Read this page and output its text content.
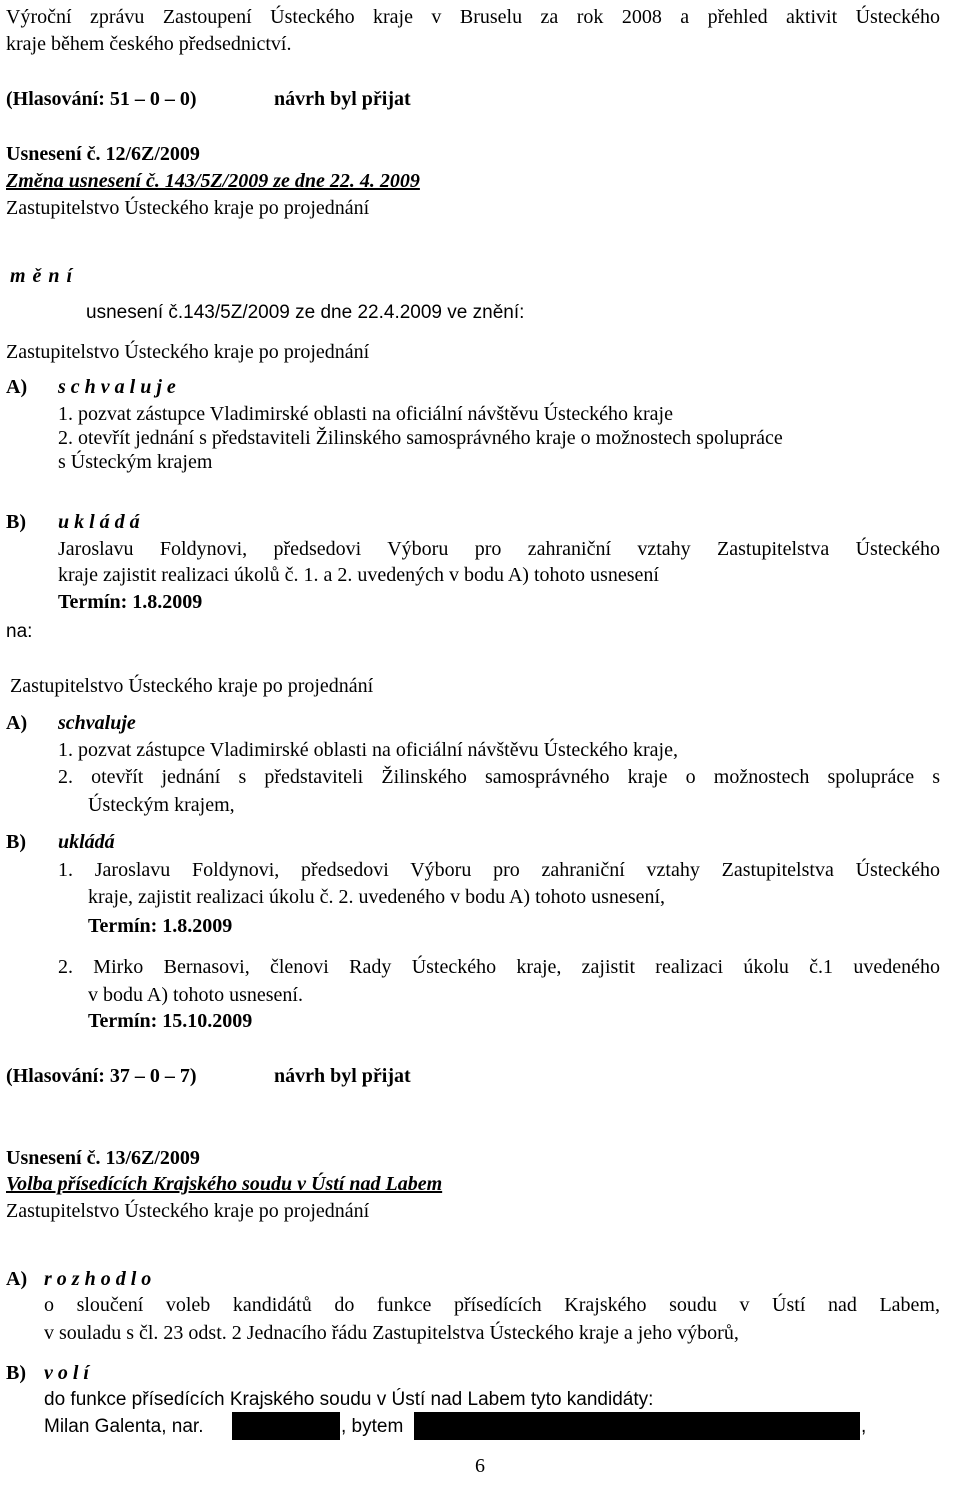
Výroční zprávu Zastoupení Ústeckého kraje v Bruselu za rok 2008 a přehled aktivit Ústeckého
kraje během českého předsednictví.
(Hlasování: 51 – 0 – 0)	návrh byl přijat
Usnesení č. 12/6Z/2009
Změna usnesení č. 143/5Z/2009 ze dne 22. 4. 2009
Zastupitelstvo Ústeckého kraje po projednání
m ě n í
usnesení č.143/5Z/2009 ze dne 22.4.2009 ve znění:
Zastupitelstvo Ústeckého kraje po projednání
A) s c h v a l u j e
1. pozvat zástupce Vladimirské oblasti na oficiální návštěvu Ústeckého kraje
2. otevřít jednání s představiteli Žilinského samosprávného kraje o možnostech spolupráce
s Ústeckým krajem
B) u k l á d á
Jaroslavu Foldynovi, předsedovi Výboru pro zahraniční vztahy Zastupitelstva Ústeckého
kraje zajistit realizaci úkolů č. 1. a 2. uvedených v bodu A) tohoto usnesení
Termín: 1.8.2009
na:
Zastupitelstvo Ústeckého kraje po projednání
A) schvaluje
1. pozvat zástupce Vladimirské oblasti na oficiální návštěvu Ústeckého kraje,
2. otevřít jednání s představiteli Žilinského samosprávného kraje o možnostech spolupráce s
Ústeckým krajem,
B) ukládá
1. Jaroslavu Foldynovi, předsedovi Výboru pro zahraniční vztahy Zastupitelstva Ústeckého
kraje, zajistit realizaci úkolu č. 2. uvedeného v bodu A) tohoto usnesení,
Termín: 1.8.2009
2. Mirko Bernasovi, členovi Rady Ústeckého kraje, zajistit realizaci úkolu č.1 uvedeného
v bodu A) tohoto usnesení.
Termín: 15.10.2009
(Hlasování: 37 – 0 – 7)	návrh byl přijat
Usnesení č. 13/6Z/2009
Volba přísedících Krajského soudu v Ústí nad Labem
Zastupitelstvo Ústeckého kraje po projednání
A) r o z h o d l o
o sloučení voleb kandidátů do funkce přísedících Krajského soudu v Ústí nad Labem,
v souladu s čl. 23 odst. 2 Jednacího řádu Zastupitelstva Ústeckého kraje a jeho výborů,
B) v o l í
do funkce přísedících Krajského soudu v Ústí nad Labem tyto kandidáty:
Milan Galenta, nar.	, bytem	,
6
